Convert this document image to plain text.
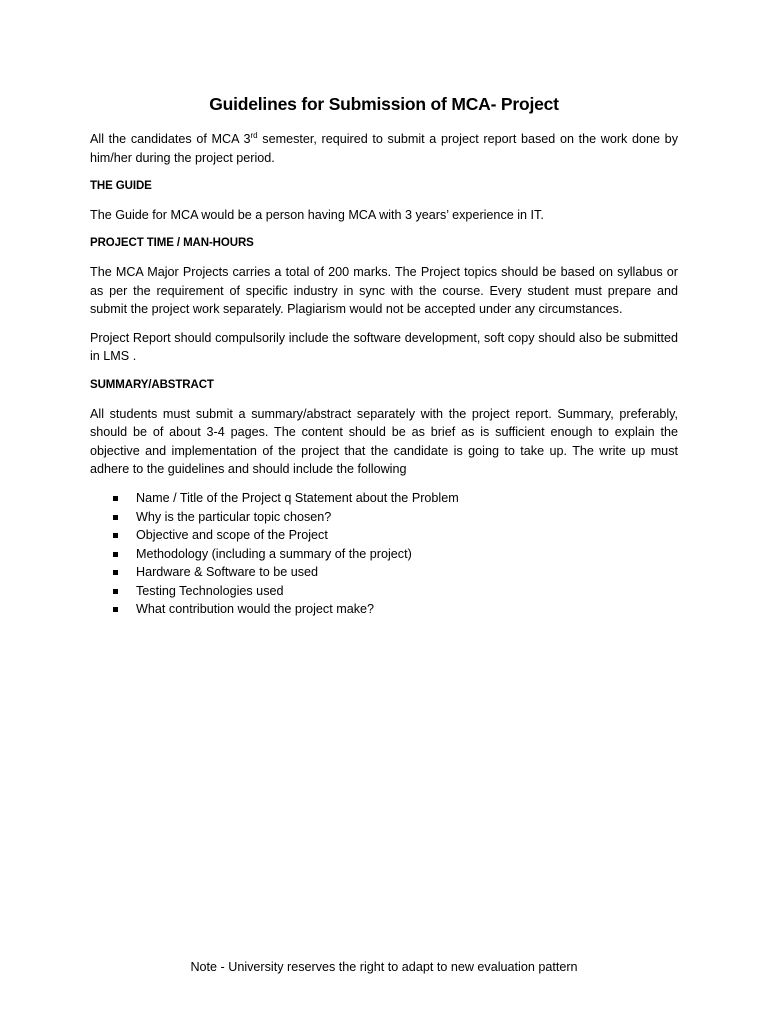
Guidelines for Submission of MCA- Project

All the candidates of MCA 3rd semester, required to submit a project report based on the work done by him/her during the project period.

THE GUIDE

The Guide for MCA would be a person having MCA with 3 years’ experience in IT.

PROJECT TIME / MAN-HOURS

The MCA Major Projects carries a total of 200 marks. The Project topics should be based on syllabus or as per the requirement of specific industry in sync with the course. Every student must prepare and submit the project work separately. Plagiarism would not be accepted under any circumstances.

Project Report should compulsorily include the software development, soft copy should also be submitted in LMS .

SUMMARY/ABSTRACT

All students must submit a summary/abstract separately with the project report. Summary, preferably, should be of about 3-4 pages. The content should be as brief as is sufficient enough to explain the objective and implementation of the project that the candidate is going to take up. The write up must adhere to the guidelines and should include the following

Name / Title of the Project q Statement about the Problem
Why is the particular topic chosen?
Objective and scope of the Project
Methodology (including a summary of the project)
Hardware & Software to be used
Testing Technologies used
What contribution would the project make?
Note - University reserves the right to adapt to new evaluation pattern
